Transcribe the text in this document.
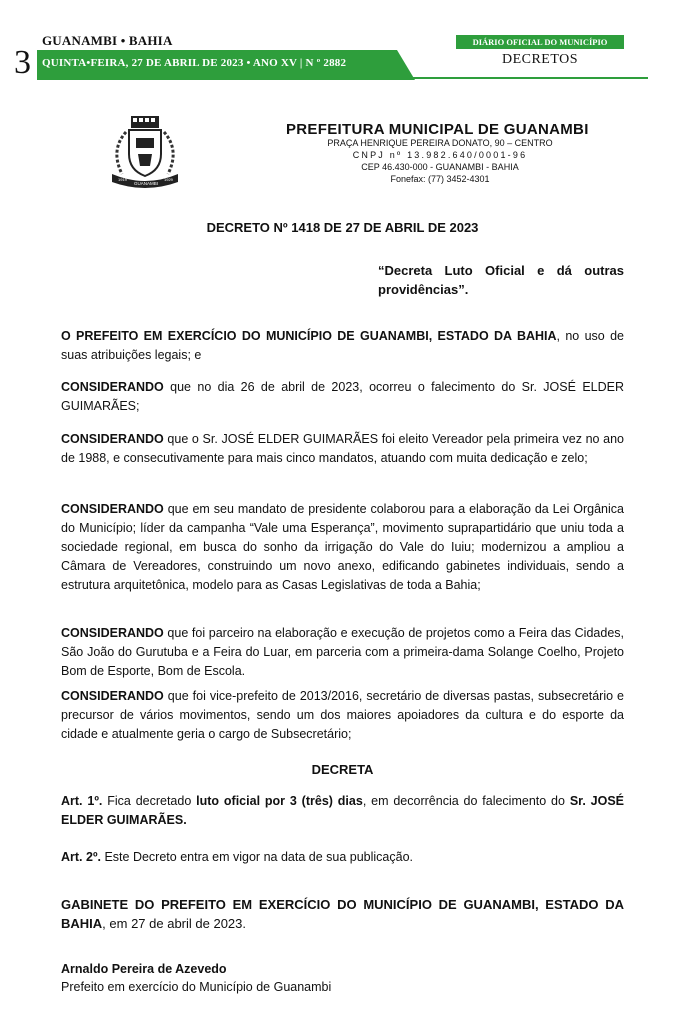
GUANAMBI • BAHIA
3 QUINTA•FEIRA, 27 DE ABRIL DE 2023 • ANO XV | N º 2882
DIÁRIO OFICIAL DO MUNICÍPIO
DECRETOS
1919
GUANAMBI
1929
PREFEITURA MUNICIPAL DE GUANAMBI
PRAÇA HENRIQUE PEREIRA DONATO, 90 – CENTRO
CNPJ nº 13.982.640/0001-96
CEP 46.430-000 - GUANAMBI - BAHIA
Fonefax: (77) 3452-4301
DECRETO Nº 1418 DE 27 DE ABRIL DE 2023
“Decreta Luto Oficial e dá outras providências”.

O PREFEITO EM EXERCÍCIO DO MUNICÍPIO DE GUANAMBI, ESTADO DA BAHIA, no uso de suas atribuições legais; e

CONSIDERANDO que no dia 26 de abril de 2023, ocorreu o falecimento do Sr. JOSÉ ELDER GUIMARÃES;

CONSIDERANDO que o Sr. JOSÉ ELDER GUIMARÃES foi eleito Vereador pela primeira vez no ano de 1988, e consecutivamente para mais cinco mandatos, atuando com muita dedicação e zelo;

CONSIDERANDO que em seu mandato de presidente colaborou para a elaboração da Lei Orgânica do Município; líder da campanha “Vale uma Esperança”, movimento suprapartidário que uniu toda a sociedade regional, em busca do sonho da irrigação do Vale do Iuiu; modernizou a ampliou a Câmara de Vereadores, construindo um novo anexo, edificando gabinetes individuais, sendo a estrutura arquitetônica, modelo para as Casas Legislativas de toda a Bahia;

CONSIDERANDO que foi parceiro na elaboração e execução de projetos como a Feira das Cidades, São João do Gurutuba e a Feira do Luar, em parceria com a primeira-dama Solange Coelho, Projeto Bom de Esporte, Bom de Escola.

CONSIDERANDO que foi vice-prefeito de 2013/2016, secretário de diversas pastas, subsecretário e precursor de vários movimentos, sendo um dos maiores apoiadores da cultura e do esporte da cidade e atualmente geria o cargo de Subsecretário;

DECRETA

Art. 1º. Fica decretado luto oficial por 3 (três) dias, em decorrência do falecimento do Sr. JOSÉ ELDER GUIMARÃES.

Art. 2º. Este Decreto entra em vigor na data de sua publicação.

GABINETE DO PREFEITO EM EXERCÍCIO DO MUNICÍPIO DE GUANAMBI, ESTADO DA BAHIA, em 27 de abril de 2023.

Arnaldo Pereira de Azevedo
Prefeito em exercício do Município de Guanambi
